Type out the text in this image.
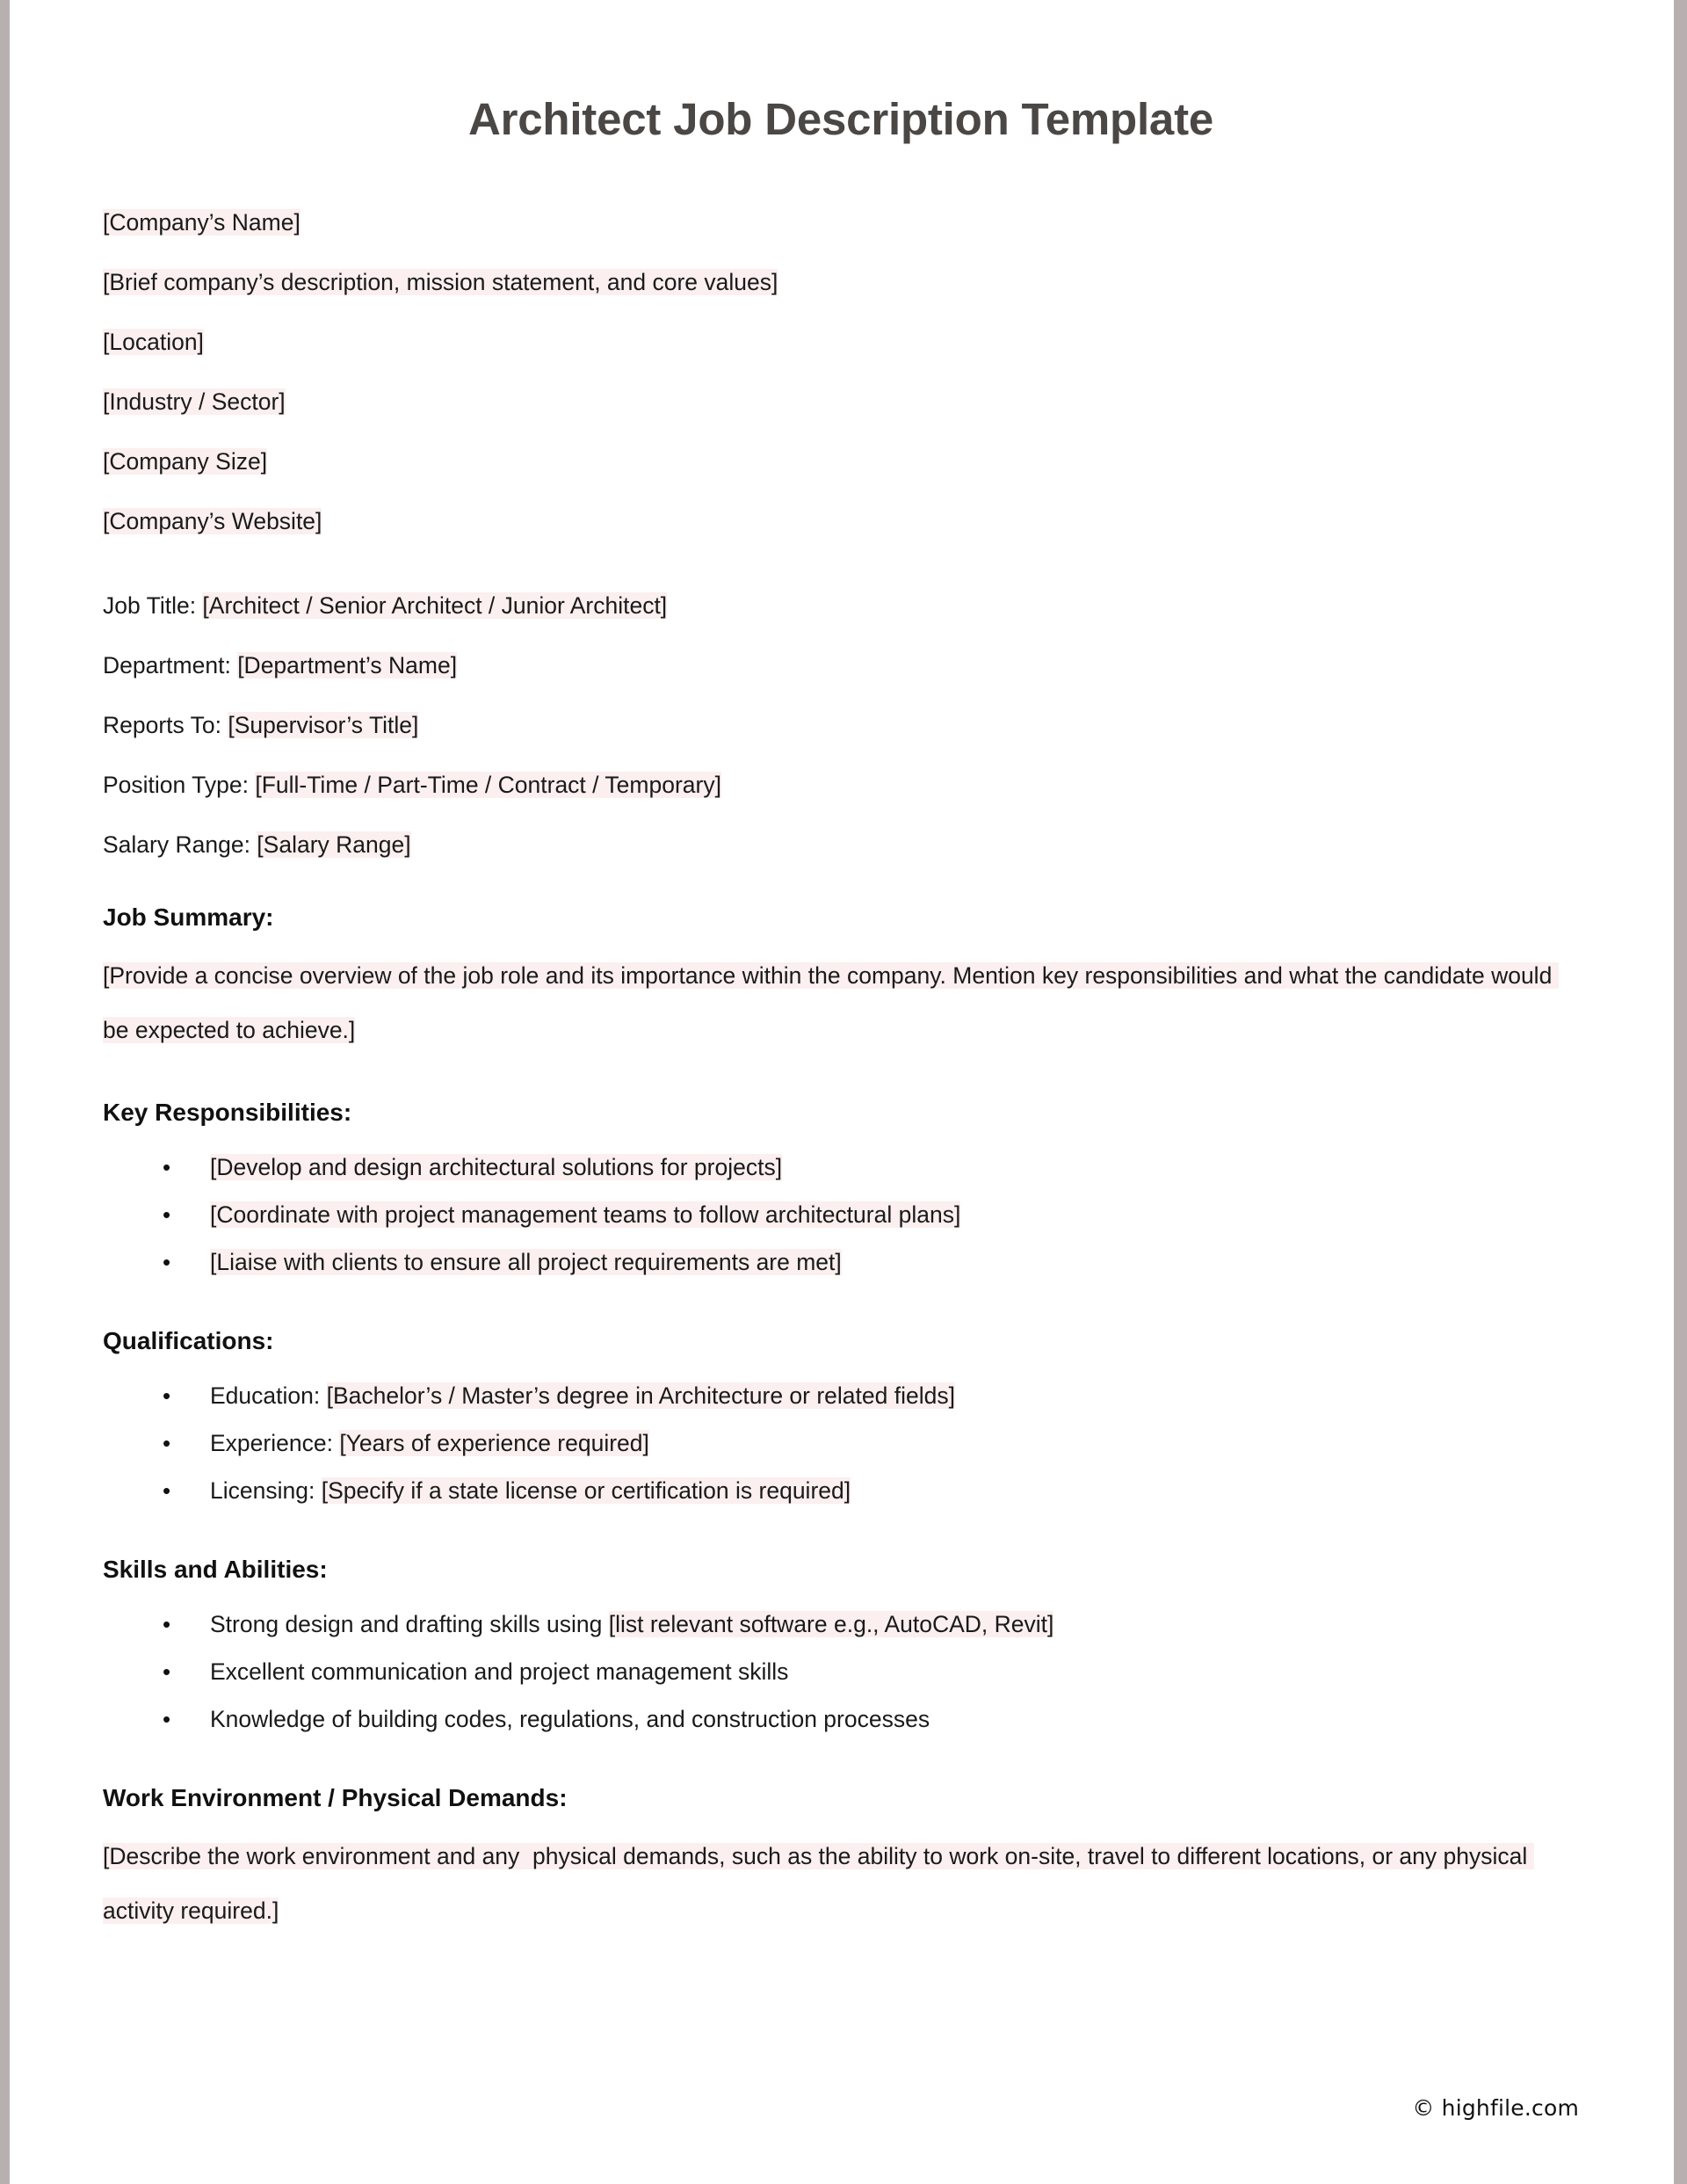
Architect Job Description Template

[Company’s Name]

[Brief company’s description, mission statement, and core values]

[Location]

[Industry / Sector]

[Company Size]

[Company’s Website]

Job Title: [Architect / Senior Architect / Junior Architect]

Department: [Department’s Name]

Reports To: [Supervisor’s Title]

Position Type: [Full-Time / Part-Time / Contract / Temporary]

Salary Range: [Salary Range]

Job Summary:

[Provide a concise overview of the job role and its importance within the company. Mention key responsibilities and what the candidate would be expected to achieve.]

Key Responsibilities:
• [Develop and design architectural solutions for projects]
• [Coordinate with project management teams to follow architectural plans]
• [Liaise with clients to ensure all project requirements are met]
Qualifications:
• Education: [Bachelor’s / Master’s degree in Architecture or related fields]
• Experience: [Years of experience required]
• Licensing: [Specify if a state license or certification is required]
Skills and Abilities:
• Strong design and drafting skills using [list relevant software e.g., AutoCAD, Revit]
• Excellent communication and project management skills
• Knowledge of building codes, regulations, and construction processes
Work Environment / Physical Demands:

[Describe the work environment and any  physical demands, such as the ability to work on-site, travel to different locations, or any physical activity required.]

© highfile.com
